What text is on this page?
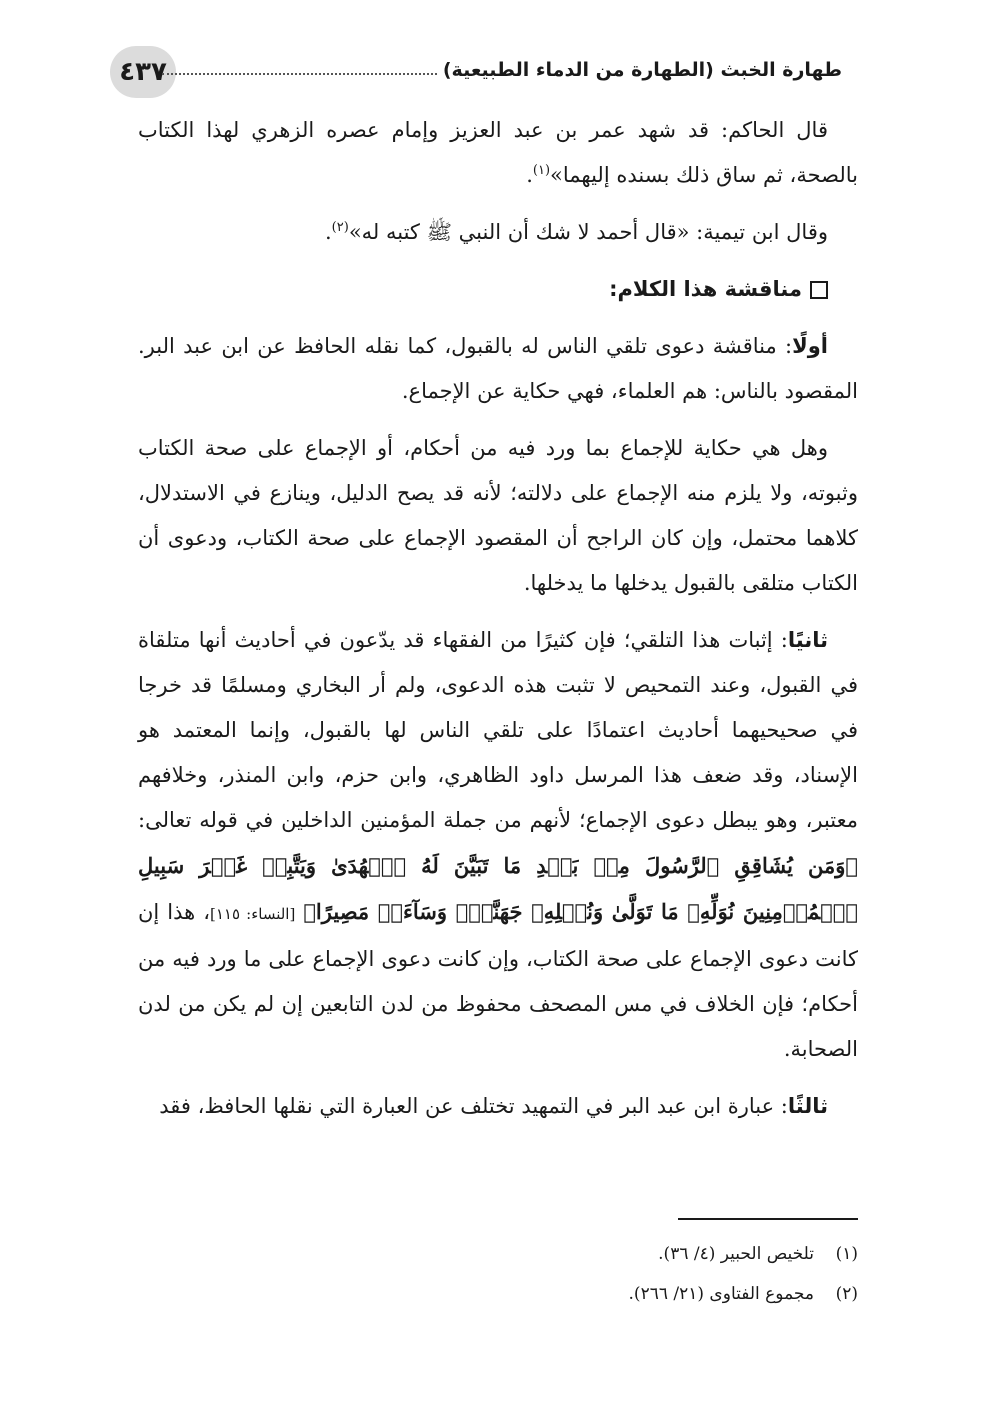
٤٣٧	طهارة الخبث (الطهارة من الدماء الطبيعية)

قال الحاكم: قد شهد عمر بن عبد العزيز وإمام عصره الزهري لهذا الكتاب بالصحة، ثم ساق ذلك بسنده إليهما»$^{(١)}$.

وقال ابن تيمية: «قال أحمد لا شك أن النبي ﷺ كتبه له»$^{(٢)}$.

مناقشة هذا الكلام:

أولًا: مناقشة دعوى تلقي الناس له بالقبول، كما نقله الحافظ عن ابن عبد البر. المقصود بالناس: هم العلماء، فهي حكاية عن الإجماع.

وهل هي حكاية للإجماع بما ورد فيه من أحكام، أو الإجماع على صحة الكتاب وثبوته، ولا يلزم منه الإجماع على دلالته؛ لأنه قد يصح الدليل، وينازع في الاستدلال، كلاهما محتمل، وإن كان الراجح أن المقصود الإجماع على صحة الكتاب، ودعوى أن الكتاب متلقى بالقبول يدخلها ما يدخلها.

ثانيًا: إثبات هذا التلقي؛ فإن كثيرًا من الفقهاء قد يدّعون في أحاديث أنها متلقاة في القبول، وعند التمحيص لا تثبت هذه الدعوى، ولم أر البخاري ومسلمًا قد خرجا في صحيحيهما أحاديث اعتمادًا على تلقي الناس لها بالقبول، وإنما المعتمد هو الإسناد، وقد ضعف هذا المرسل داود الظاهري، وابن حزم، وابن المنذر، وخلافهم معتبر، وهو يبطل دعوى الإجماع؛ لأنهم من جملة المؤمنين الداخلين في قوله تعالى: ﴿وَمَن يُشَاقِقِ ٱلرَّسُولَ مِنۢ بَعۡدِ مَا تَبَيَّنَ لَهُ ٱلۡهُدَىٰ وَيَتَّبِعۡ غَيۡرَ سَبِيلِ ٱلۡمُؤۡمِنِينَ نُوَلِّهِۦ مَا تَوَلَّىٰ وَنُصۡلِهِۦ جَهَنَّمَۖ وَسَآءَتۡ مَصِيرًا﴾ [النساء: ١١٥]، هذا إن كانت دعوى الإجماع على صحة الكتاب، وإن كانت دعوى الإجماع على ما ورد فيه من أحكام؛ فإن الخلاف في مس المصحف محفوظ من لدن التابعين إن لم يكن من لدن الصحابة.

ثالثًا: عبارة ابن عبد البر في التمهيد تختلف عن العبارة التي نقلها الحافظ، فقد

(١)تلخيص الحبير (٤/ ٣٦).
(٢)مجموع الفتاوى (٢١/ ٢٦٦).
